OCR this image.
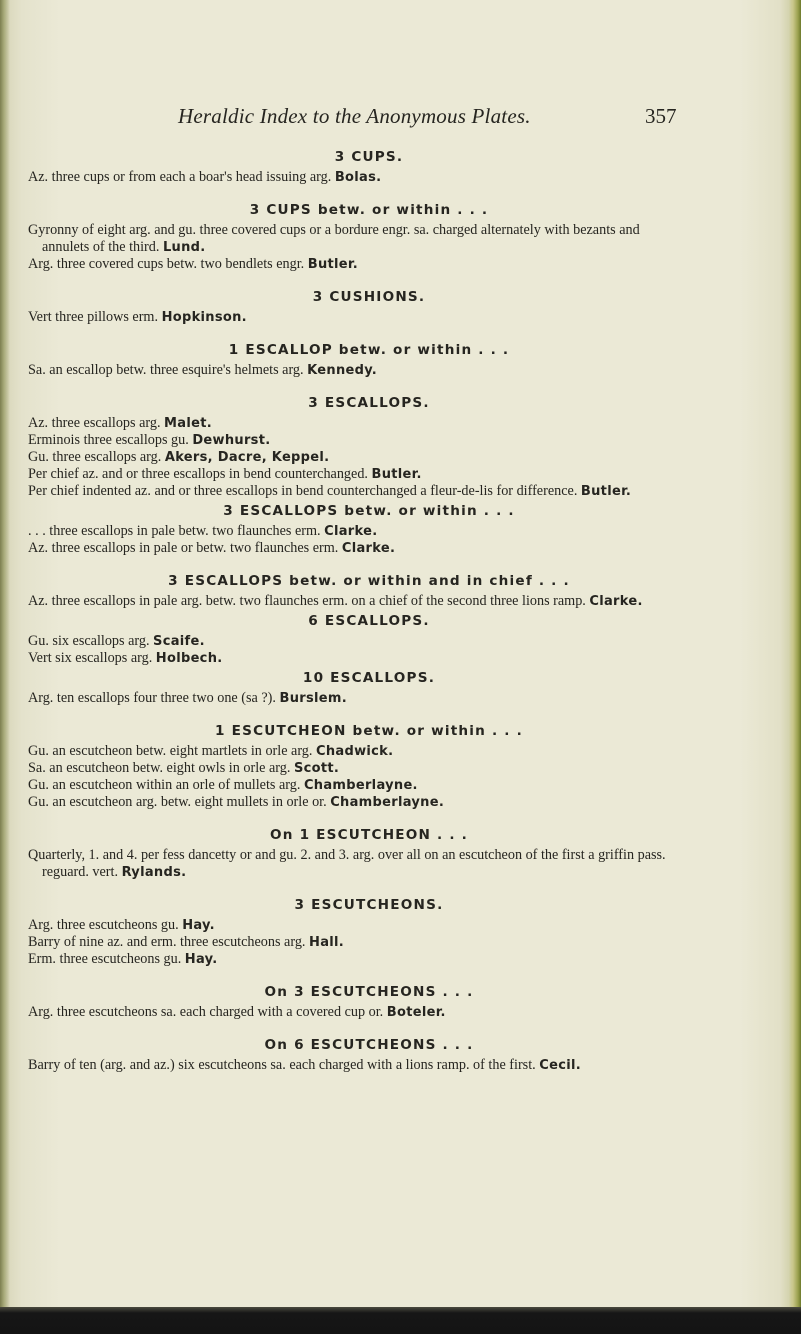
Heraldic Index to the Anonymous Plates.	357
3 CUPS.
Az. three cups or from each a boar's head issuing arg. Bolas.
3 CUPS betw. or within . . .
Gyronny of eight arg. and gu. three covered cups or a bordure engr. sa. charged alternately with bezants and annulets of the third. Lund.
Arg. three covered cups betw. two bendlets engr. Butler.
3 CUSHIONS.
Vert three pillows erm. Hopkinson.
1 ESCALLOP betw. or within . . .
Sa. an escallop betw. three esquire's helmets arg. Kennedy.
3 ESCALLOPS.
Az. three escallops arg. Malet.
Erminois three escallops gu. Dewhurst.
Gu. three escallops arg. Akers, Dacre, Keppel.
Per chief az. and or three escallops in bend counterchanged. Butler.
Per chief indented az. and or three escallops in bend counterchanged a fleur-de-lis for difference. Butler.
3 ESCALLOPS betw. or within . . .
. . . three escallops in pale betw. two flaunches erm. Clarke.
Az. three escallops in pale or betw. two flaunches erm. Clarke.
3 ESCALLOPS betw. or within and in chief . . .
Az. three escallops in pale arg. betw. two flaunches erm. on a chief of the second three lions ramp. Clarke.
6 ESCALLOPS.
Gu. six escallops arg. Scaife.
Vert six escallops arg. Holbech.
10 ESCALLOPS.
Arg. ten escallops four three two one (sa ?). Burslem.
1 ESCUTCHEON betw. or within . . .
Gu. an escutcheon betw. eight martlets in orle arg. Chadwick.
Sa. an escutcheon betw. eight owls in orle arg. Scott.
Gu. an escutcheon within an orle of mullets arg. Chamberlayne.
Gu. an escutcheon arg. betw. eight mullets in orle or. Chamberlayne.
On 1 ESCUTCHEON . . .
Quarterly, 1. and 4. per fess dancetty or and gu. 2. and 3. arg. over all on an escutcheon of the first a griffin pass. reguard. vert. Rylands.
3 ESCUTCHEONS.
Arg. three escutcheons gu. Hay.
Barry of nine az. and erm. three escutcheons arg. Hall.
Erm. three escutcheons gu. Hay.
On 3 ESCUTCHEONS . . .
Arg. three escutcheons sa. each charged with a covered cup or. Boteler.
On 6 ESCUTCHEONS . . .
Barry of ten (arg. and az.) six escutcheons sa. each charged with a lions ramp. of the first. Cecil.
